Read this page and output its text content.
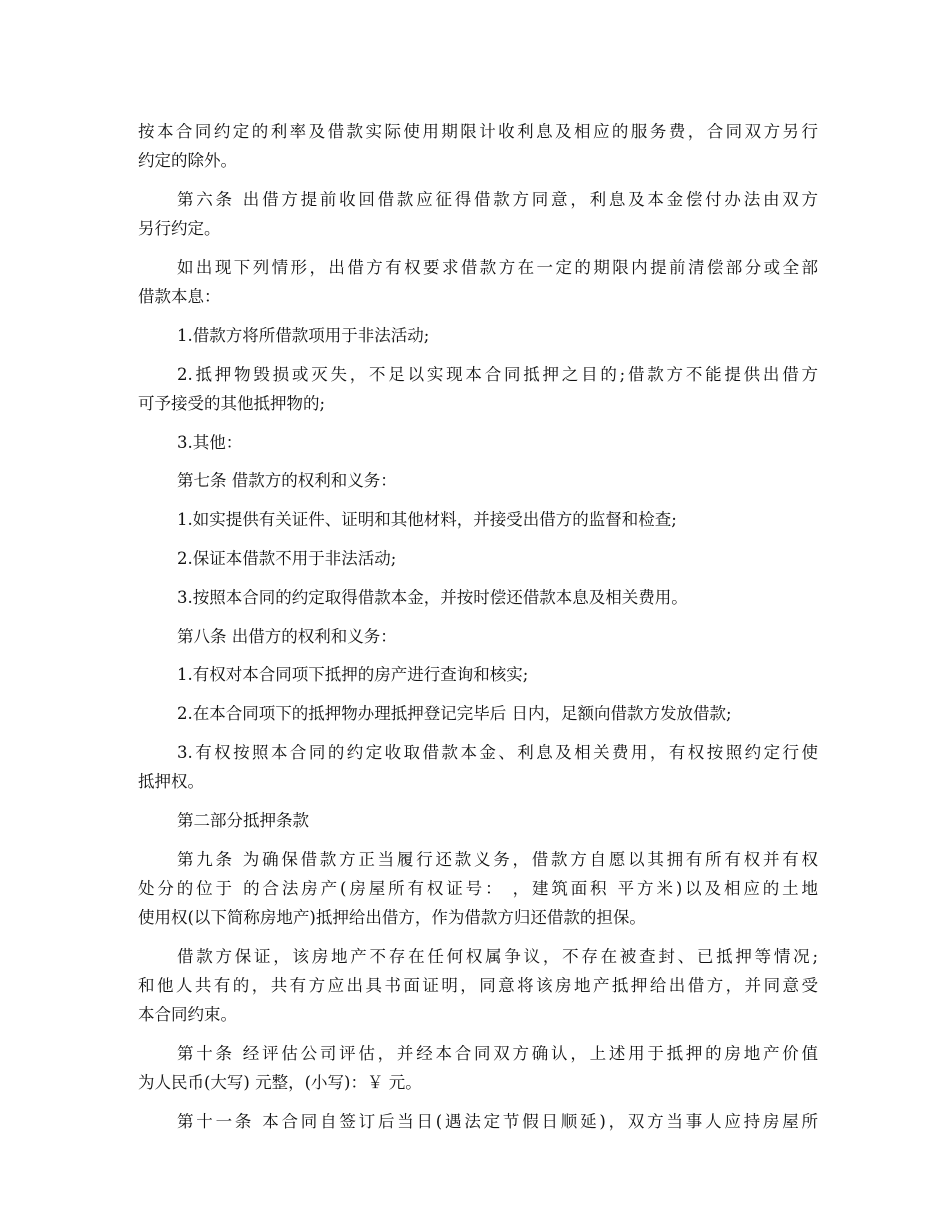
按本合同约定的利率及借款实际使用期限计收利息及相应的服务费，合同双方另行
约定的除外。
第六条 出借方提前收回借款应征得借款方同意，利息及本金偿付办法由双方
另行约定。
如出现下列情形，出借方有权要求借款方在一定的期限内提前清偿部分或全部
借款本息：
1.借款方将所借款项用于非法活动;
2.抵押物毁损或灭失，不足以实现本合同抵押之目的;借款方不能提供出借方
可予接受的其他抵押物的;
3.其他：
第七条 借款方的权利和义务：
1.如实提供有关证件、证明和其他材料，并接受出借方的监督和检查;
2.保证本借款不用于非法活动;
3.按照本合同的约定取得借款本金，并按时偿还借款本息及相关费用。
第八条 出借方的权利和义务：
1.有权对本合同项下抵押的房产进行查询和核实;
2.在本合同项下的抵押物办理抵押登记完毕后 日内，足额向借款方发放借款;
3.有权按照本合同的约定收取借款本金、利息及相关费用，有权按照约定行使
抵押权。
第二部分抵押条款
第九条 为确保借款方正当履行还款义务，借款方自愿以其拥有所有权并有权
处分的位于 的合法房产(房屋所有权证号： ，建筑面积 平方米)以及相应的土地
使用权(以下简称房地产)抵押给出借方，作为借款方归还借款的担保。
借款方保证，该房地产不存在任何权属争议，不存在被查封、已抵押等情况;
和他人共有的，共有方应出具书面证明，同意将该房地产抵押给出借方，并同意受
本合同约束。
第十条 经评估公司评估，并经本合同双方确认，上述用于抵押的房地产价值
为人民币(大写) 元整，(小写)：￥ 元。
第十一条 本合同自签订后当日(遇法定节假日顺延)，双方当事人应持房屋所
